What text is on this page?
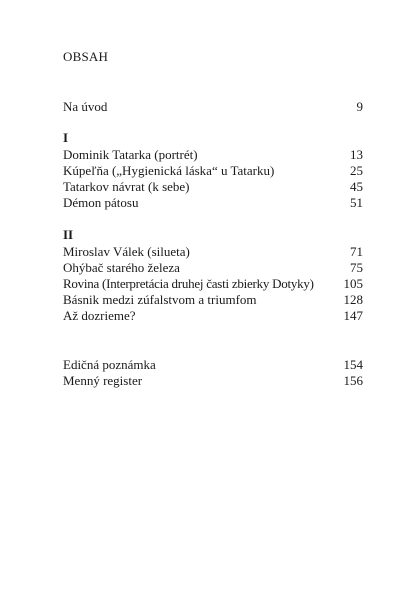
OBSAH
Na úvod	9
I
Dominik Tatarka (portrét)	13
Kúpeľňa („Hygienická láska“ u Tatarku)	25
Tatarkov návrat (k sebe)	45
Démon pátosu	51
II
Miroslav Válek (silueta)	71
Ohýbač starého železa	75
Rovina (Interpretácia druhej časti zbierky Dotyky) 105
Básnik medzi zúfalstvom a triumfom	128
Až dozrieme?	147
Edičná poznámka	154
Menný register	156
